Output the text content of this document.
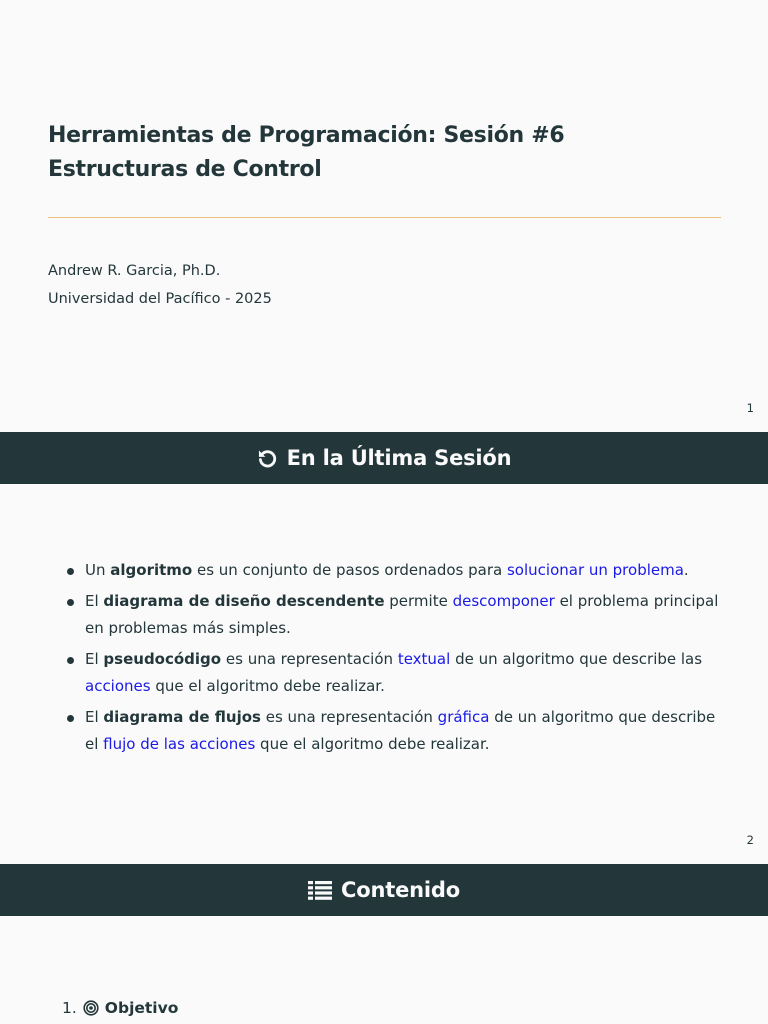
Herramientas de Programación: Sesión #6
Estructuras de Control
Andrew R. Garcia, Ph.D.
Universidad del Pacífico - 2025
1
En la Última Sesión
Un algoritmo es un conjunto de pasos ordenados para solucionar un problema.
El diagrama de diseño descendente permite descomponer el problema principal en problemas más simples.
El pseudocódigo es una representación textual de un algoritmo que describe las acciones que el algoritmo debe realizar.
El diagrama de flujos es una representación gráfica de un algoritmo que describe el flujo de las acciones que el algoritmo debe realizar.
2
Contenido
1. Objetivo
